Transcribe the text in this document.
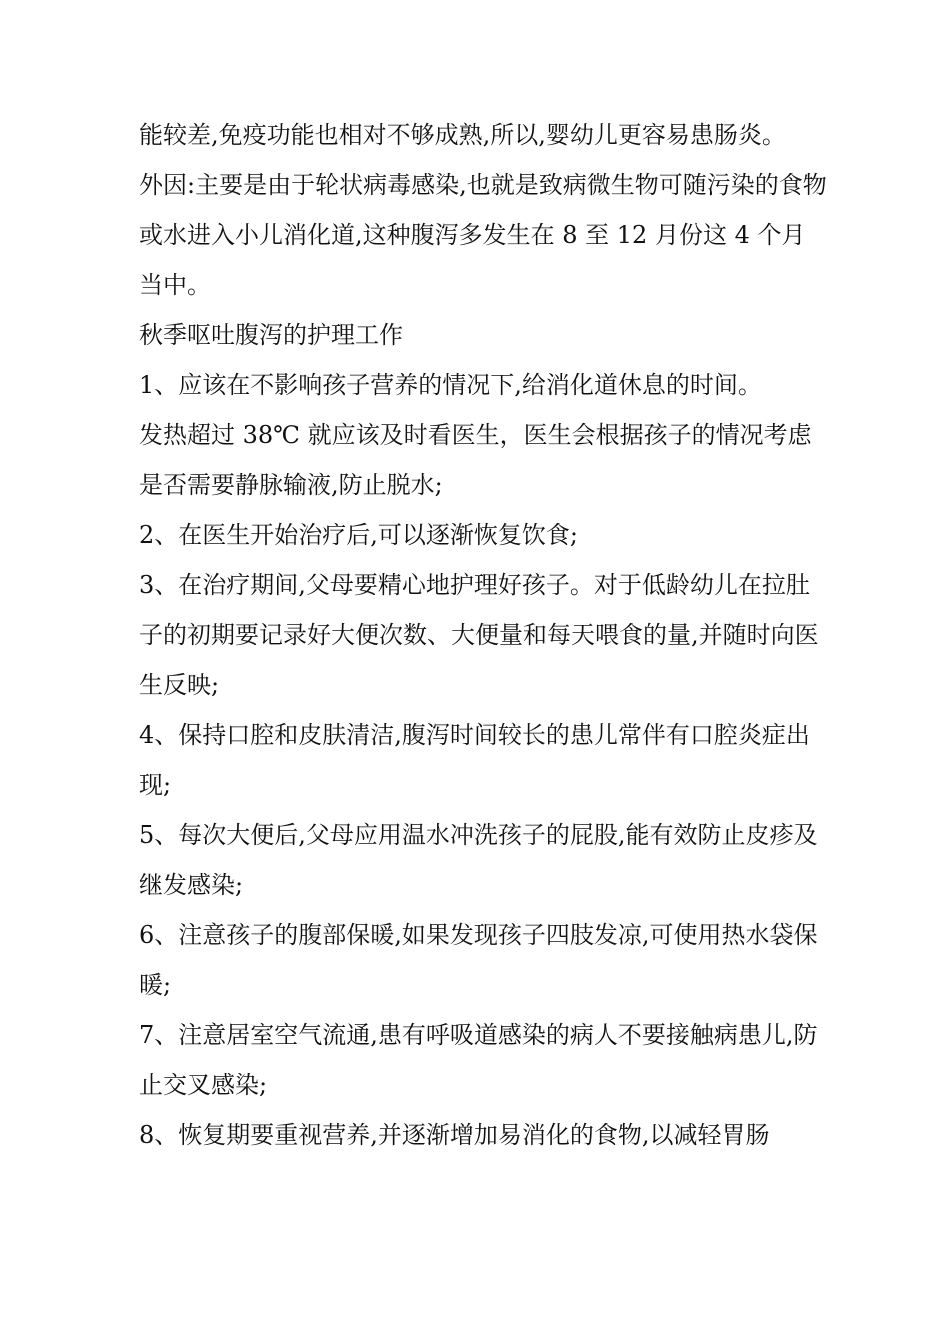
能较差,免疫功能也相对不够成熟,所以,婴幼儿更容易患肠炎。

外因:主要是由于轮状病毒感染,也就是致病微生物可随污染的食物或水进入小儿消化道,这种腹泻多发生在 8 至 12 月份这 4 个月当中。

秋季呕吐腹泻的护理工作

1、应该在不影响孩子营养的情况下,给消化道休息的时间。

发热超过 38℃ 就应该及时看医生，医生会根据孩子的情况考虑是否需要静脉输液,防止脱水;

2、在医生开始治疗后,可以逐渐恢复饮食;

3、在治疗期间,父母要精心地护理好孩子。对于低龄幼儿在拉肚子的初期要记录好大便次数、大便量和每天喂食的量,并随时向医生反映;

4、保持口腔和皮肤清洁,腹泻时间较长的患儿常伴有口腔炎症出现;

5、每次大便后,父母应用温水冲洗孩子的屁股,能有效防止皮疹及继发感染;

6、注意孩子的腹部保暖,如果发现孩子四肢发凉,可使用热水袋保暖;

7、注意居室空气流通,患有呼吸道感染的病人不要接触病患儿,防止交叉感染;

8、恢复期要重视营养,并逐渐增加易消化的食物,以减轻胃肠
